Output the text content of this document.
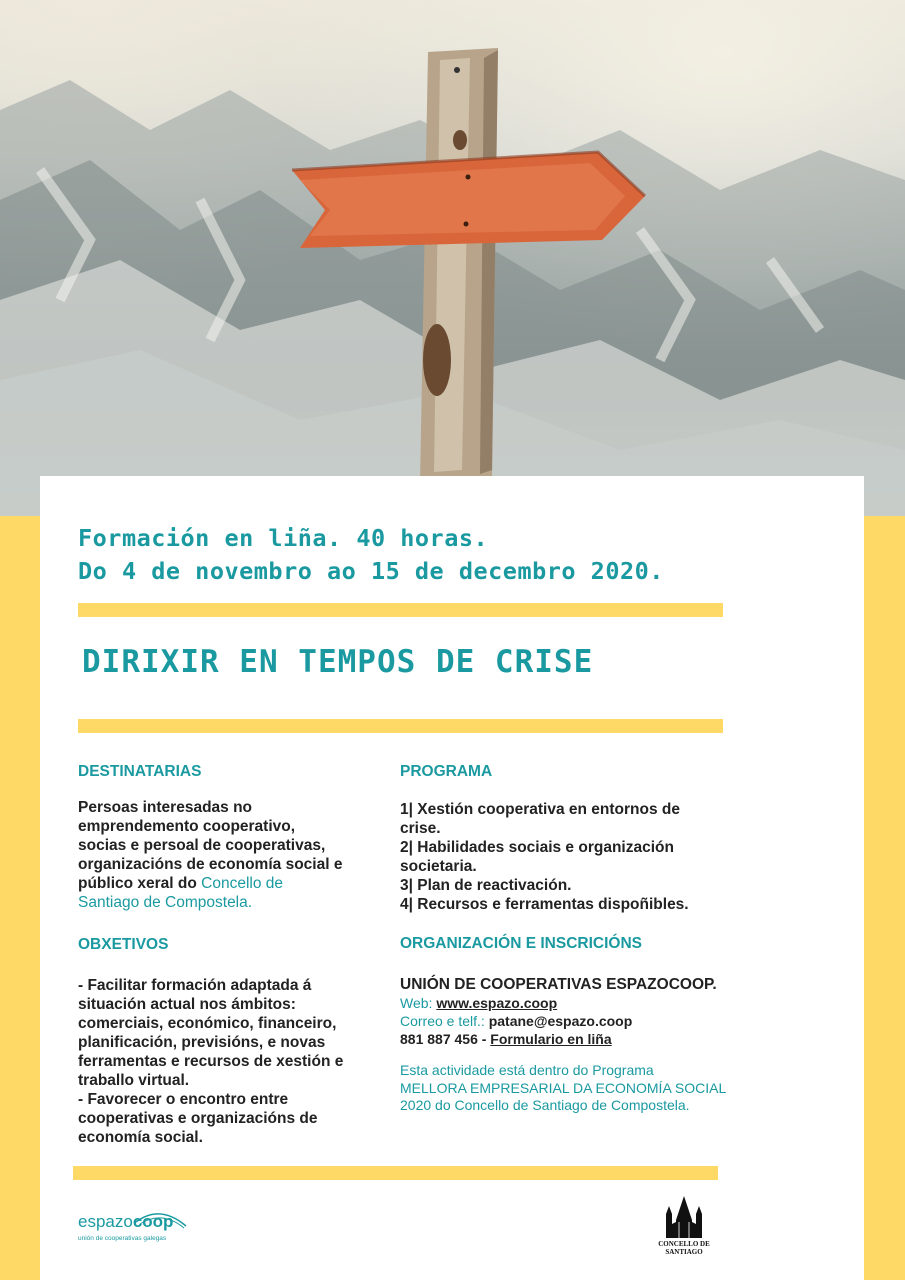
Formación en liña. 40 horas.
Do 4 de novembro ao 15 de decembro 2020.
DIRIXIR EN TEMPOS DE CRISE
DESTINATARIAS
Persoas interesadas no
emprendemento cooperativo,
socias e persoal de cooperativas,
organizacións de economía social e
público xeral do Concello de
Santiago de Compostela.
OBXETIVOS
- Facilitar formación adaptada á
situación actual nos ámbitos:
comerciais, económico, financeiro,
planificación, previsións, e novas
ferramentas e recursos de xestión e
traballo virtual.
- Favorecer o encontro entre
cooperativas e organizacións de
economía social.
PROGRAMA
1| Xestión cooperativa en entornos de
crise.
2| Habilidades sociais e organización
societaria.
3| Plan de reactivación.
4| Recursos e ferramentas dispoñibles.
ORGANIZACIÓN E INSCRICIÓNS
UNIÓN DE COOPERATIVAS ESPAZOCOOP.
Web: www.espazo.coop
Correo e telf.: patane@espazo.coop
881 887 456 - Formulario en liña
Esta actividade está dentro do Programa
MELLORA EMPRESARIAL DA ECONOMÍA SOCIAL
2020 do Concello de Santiago de Compostela.
espazocoop
unión de cooperativas galegas
CONCELLO DE
SANTIAGO
